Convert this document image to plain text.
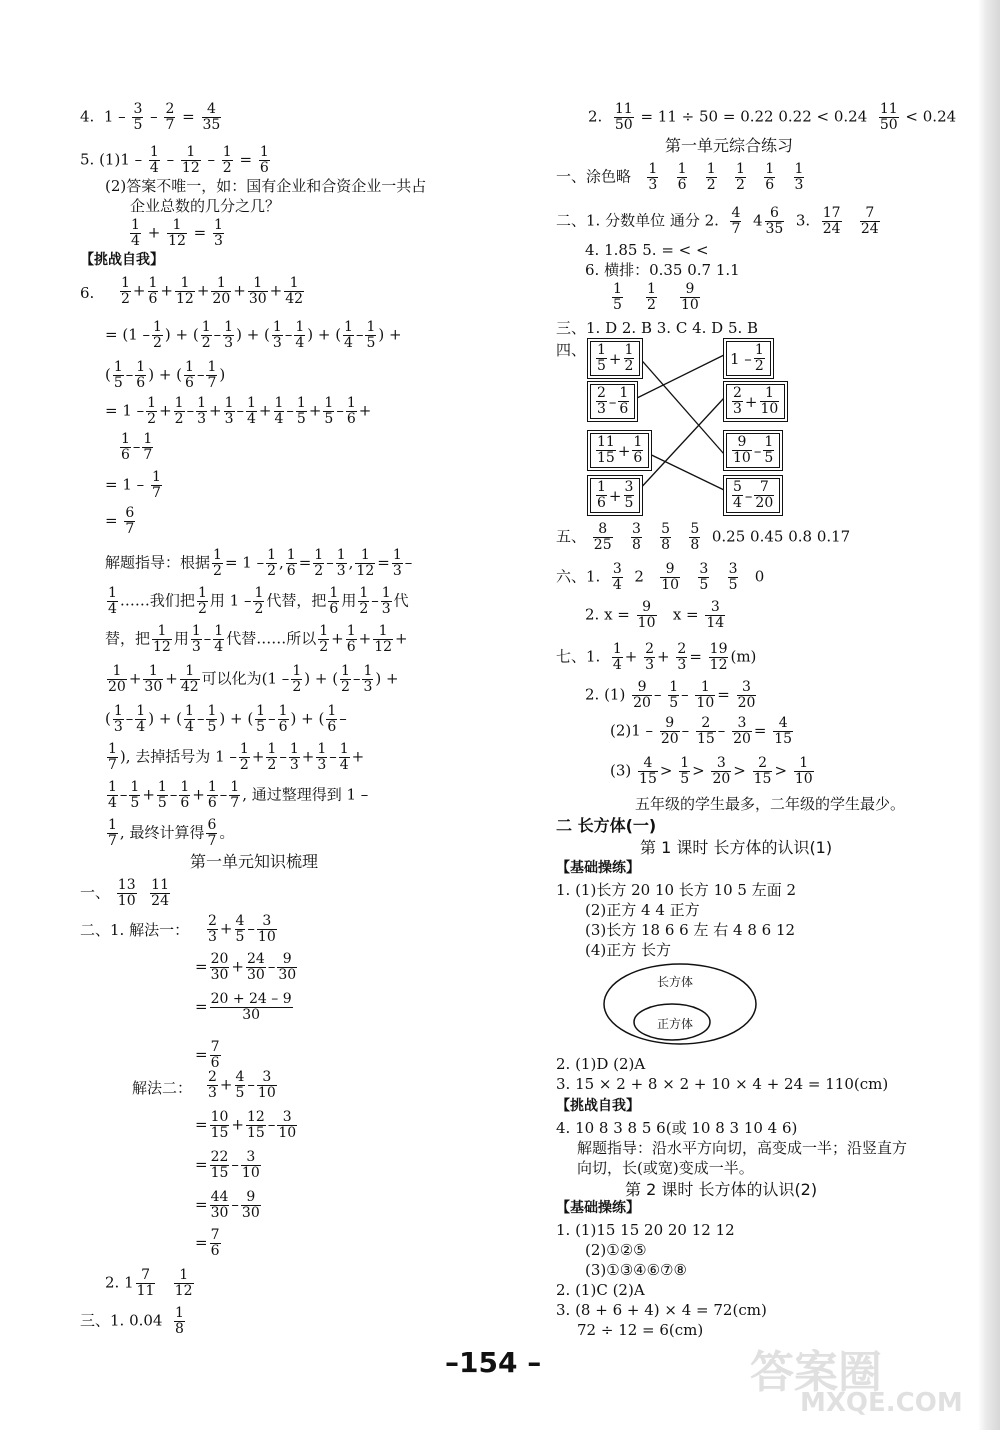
4. $1 - \frac{3}{5} - \frac{2}{7} = \frac{4}{35}$
5. $(1)1 - \frac{1}{4} - \frac{1}{12} - \frac{1}{2} = \frac{1}{6}$
(2)答案不唯一，如：国有企业和合资企业一共占
企业总数的几分之几？
$\frac{1}{4} + \frac{1}{12} = \frac{1}{3}$
【挑战自我】
6. $\frac{1}{2} + \frac{1}{6} + \frac{1}{12} + \frac{1}{20} + \frac{1}{30} + \frac{1}{42}$
= ($1 - \frac{1}{2}$ ) + ( $\frac{1}{2} - \frac{1}{3}$ ) + ( $\frac{1}{3} - \frac{1}{4}$ ) + ( $\frac{1}{4} - \frac{1}{5}$ ) +
( $\frac{1}{5} - \frac{1}{6}$ ) + ( $\frac{1}{6} - \frac{1}{7}$ )
= $1 - \frac{1}{2} + \frac{1}{2} - \frac{1}{3} + \frac{1}{3} - \frac{1}{4} + \frac{1}{4} - \frac{1}{5} + \frac{1}{5} - \frac{1}{6}$ +
$\frac{1}{6} - \frac{1}{7}$
= $1 - \frac{1}{7}$
= $\frac{6}{7}$
解题指导：根据 $\frac{1}{2} = 1 - \frac{1}{2}$ , $\frac{1}{6} = \frac{1}{2} - \frac{1}{3}$ , $\frac{1}{12} = \frac{1}{3}$ –
$\frac{1}{4}$ ……我们把 $\frac{1}{2}$ 用 $1 - \frac{1}{2}$ 代替，把 $\frac{1}{6}$ 用 $\frac{1}{2} - \frac{1}{3}$ 代
替，把 $\frac{1}{12}$ 用 $\frac{1}{3} - \frac{1}{4}$ 代替……所以 $\frac{1}{2} + \frac{1}{6} + \frac{1}{12}$ +
$\frac{1}{20} + \frac{1}{30} + \frac{1}{42}$ 可以化为($1 - \frac{1}{2}$ ) + ( $\frac{1}{2} - \frac{1}{3}$ ) +
( $\frac{1}{3} - \frac{1}{4}$ ) + ( $\frac{1}{4} - \frac{1}{5}$ ) + ( $\frac{1}{5} - \frac{1}{6}$ ) + ( $\frac{1}{6}$ –
$\frac{1}{7}$ ), 去掉括号为 $1 - \frac{1}{2} + \frac{1}{2} - \frac{1}{3} + \frac{1}{3} - \frac{1}{4}$ +
$\frac{1}{4} - \frac{1}{5} + \frac{1}{5} - \frac{1}{6} + \frac{1}{6} - \frac{1}{7}$ , 通过整理得到 1 –
$\frac{1}{7}$ , 最终计算得 $\frac{6}{7}$ 。
第一单元知识梳理
一、 $\frac{13}{10}$
$\frac{11}{24}$
二、1. 解法一： $\frac{2}{3} + \frac{4}{5} - \frac{3}{10}$
= $\frac{20}{30} + \frac{24}{30} - \frac{9}{30}$
= $\frac{20 + 24 - 9}{30}$
= $\frac{7}{6}$
解法二： $\frac{2}{3} + \frac{4}{5} - \frac{3}{10}$
= $\frac{10}{15} + \frac{12}{15} - \frac{3}{10}$
= $\frac{22}{15} - \frac{3}{10}$
= $\frac{44}{30} - \frac{9}{30}$
= $\frac{7}{6}$
2. $1 \frac{7}{11}$
$\frac{1}{12}$
三、1. $0.04 \frac{1}{8}$
2. $\frac{11}{50} = 11 \div 50 = 0.22$ $0.22 < 0.24 \frac{11}{50} < 0.24$
第一单元综合练习
一、涂色略 $\frac{1}{3}$
$\frac{1}{6}$
$\frac{1}{2}$
$\frac{1}{2}$
$\frac{1}{6}$
$\frac{1}{3}$
二、1. 分数单位 通分 2. $\frac{4}{7} 4 \frac{6}{35} 3$. $\frac{17}{24}$
$\frac{7}{24}$
4. 1.85 5. = < <
6. 横排：0.35 0.7 1.1
$\frac{1}{5}$
$\frac{1}{2}$
$\frac{9}{10}$
三、1. D 2. B 3. C 4. D 5. B
四、 $\frac{1}{5} + \frac{1}{2}$
$\frac{2}{3} - \frac{1}{6}$
$\frac{11}{15} + \frac{1}{6}$
$\frac{1}{6} + \frac{3}{5}$
$1 - \frac{1}{2}$
$\frac{2}{3} + \frac{1}{10}$
$\frac{9}{10} - \frac{1}{5}$
$\frac{5}{4} - \frac{7}{20}$
五、 $\frac{8}{25}$
$\frac{3}{8}$
$\frac{5}{8}$
$\frac{5}{8} 0.25$ 0.45 0.8 0.17
六、1. $\frac{3}{4} 2 \frac{9}{10}$
$\frac{3}{5}$
$\frac{3}{5} 0$
2. $x = \frac{9}{10}$ $x = \frac{3}{14}$
七、1. $\frac{1}{4} + \frac{2}{3} + \frac{2}{3} = \frac{19}{12} (m)$
2. $(1) \frac{9}{20} - \frac{1}{5} - \frac{1}{10} = \frac{3}{20}$
$(2)1 - \frac{9}{20} - \frac{2}{15} - \frac{3}{20} = \frac{4}{15}$
$(3) \frac{4}{15} > \frac{1}{5} > \frac{3}{20} > \frac{2}{15} > \frac{1}{10}$
五年级的学生最多，二年级的学生最少。
二 长方体(一)
第 1 课时 长方体的认识(1)
【基础操练】
1. (1)长方 20 10 长方 10 5 左面 2
(2)正方 4 4 正方
(3)长方 18 6 6 左 右 4 8 6 12
(4)正方 长方
长方体
正方体
2. (1)D (2)A
3. 15 × 2 + 8 × 2 + 10 × 4 + 24 = 110(cm)
【挑战自我】
4. 10 8 3 8 5 6(或 10 8 3 10 4 6)
解题指导：沿水平方向切，高变成一半；沿竖直方
向切，长(或宽)变成一半。
第 2 课时 长方体的认识(2)
【基础操练】
1. (1)15 15 20 20 12 12
(2)①②⑤
(3)①③④⑥⑦⑧
2. (1)C (2)A
3. (8 + 6 + 4) × 4 = 72(cm)
72 ÷ 12 = 6(cm)
–154 –	答案圈
MXQE.COM
